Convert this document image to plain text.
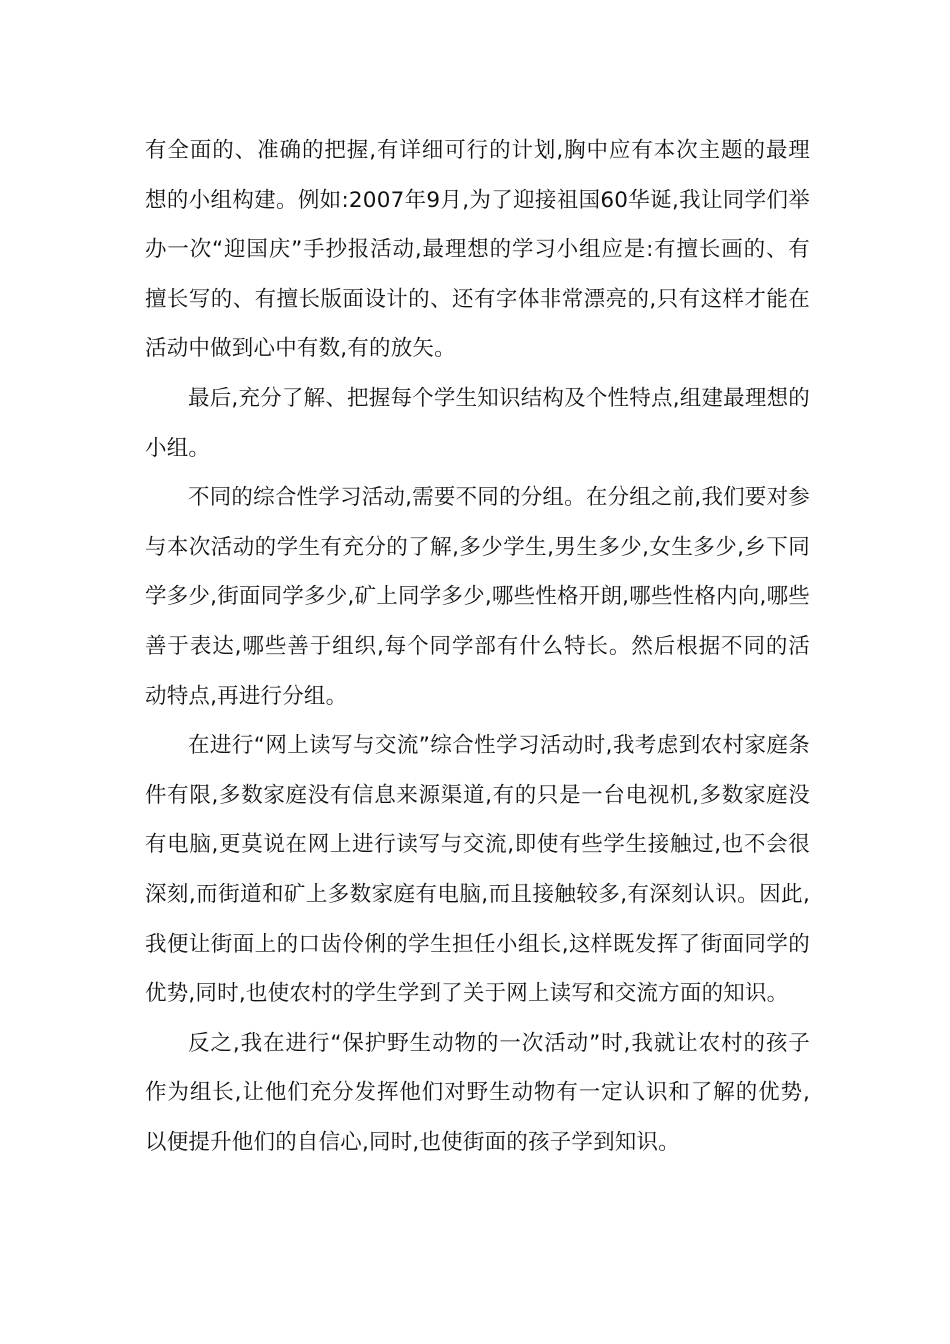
有全面的、准确的把握,有详细可行的计划,胸中应有本次主题的最理想的小组构建。例如:2007年9月,为了迎接祖国60华诞,我让同学们举办一次“迎国庆”手抄报活动,最理想的学习小组应是:有擅长画的、有擅长写的、有擅长版面设计的、还有字体非常漂亮的,只有这样才能在活动中做到心中有数,有的放矢。

最后,充分了解、把握每个学生知识结构及个性特点,组建最理想的小组。

不同的综合性学习活动,需要不同的分组。在分组之前,我们要对参与本次活动的学生有充分的了解,多少学生,男生多少,女生多少,乡下同学多少,街面同学多少,矿上同学多少,哪些性格开朗,哪些性格内向,哪些善于表达,哪些善于组织,每个同学部有什么特长。然后根据不同的活动特点,再进行分组。

在进行“网上读写与交流”综合性学习活动时,我考虑到农村家庭条件有限,多数家庭没有信息来源渠道,有的只是一台电视机,多数家庭没有电脑,更莫说在网上进行读写与交流,即使有些学生接触过,也不会很深刻,而街道和矿上多数家庭有电脑,而且接触较多,有深刻认识。因此,我便让街面上的口齿伶俐的学生担任小组长,这样既发挥了街面同学的优势,同时,也使农村的学生学到了关于网上读写和交流方面的知识。

反之,我在进行“保护野生动物的一次活动”时,我就让农村的孩子作为组长,让他们充分发挥他们对野生动物有一定认识和了解的优势,以便提升他们的自信心,同时,也使街面的孩子学到知识。
